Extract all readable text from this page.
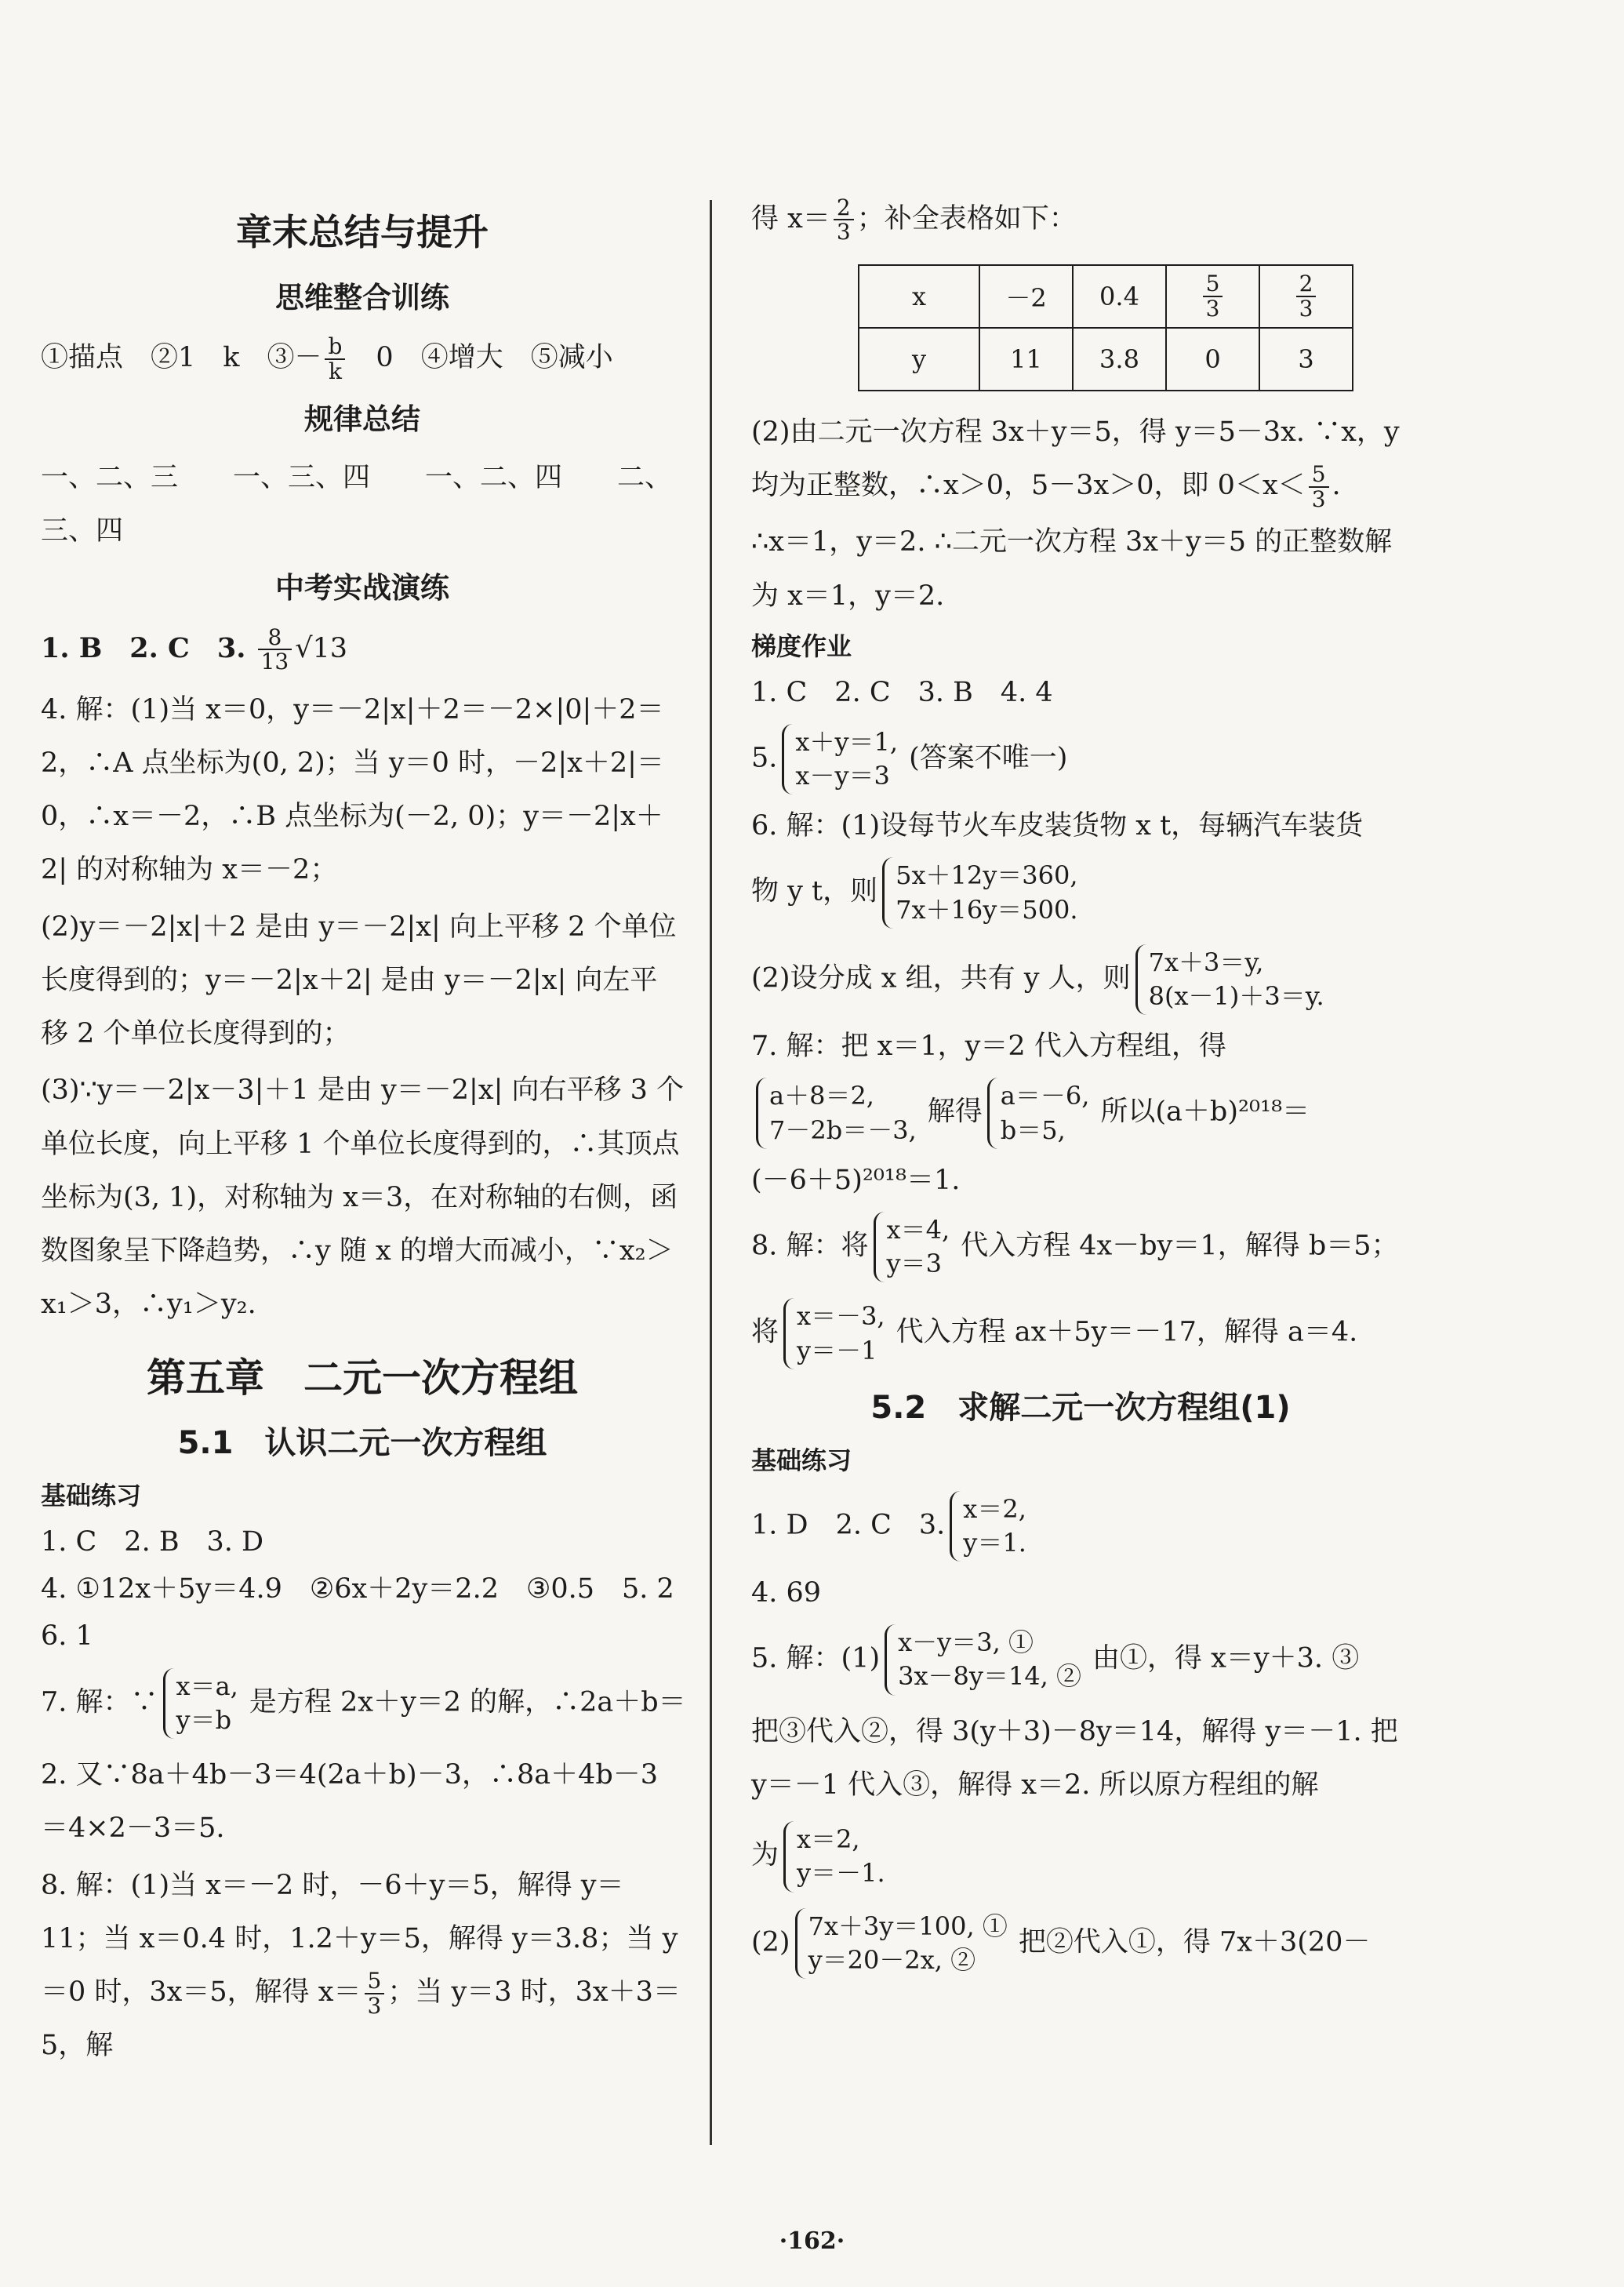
章末总结与提升

思维整合训练

①描点　②1　k　③－ $\frac{b}{k}$ 　0　④增大　⑤减小

规律总结

一、二、三　　一、三、四　　一、二、四　　二、三、四

中考实战演练

1. B　2. C　3. $\frac{8}{13} √13$

4. 解：(1)当 x＝0，y＝－2|x|＋2＝－2×|0|＋2＝2，∴A 点坐标为(0, 2)；当 y＝0 时，－2|x＋2|＝0，∴x＝－2，∴B 点坐标为(－2, 0)；y＝－2|x＋2| 的对称轴为 x＝－2；

(2)y＝－2|x|＋2 是由 y＝－2|x| 向上平移 2 个单位长度得到的；y＝－2|x＋2| 是由 y＝－2|x| 向左平移 2 个单位长度得到的；

(3)∵y＝－2|x－3|＋1 是由 y＝－2|x| 向右平移 3 个单位长度，向上平移 1 个单位长度得到的，∴其顶点坐标为(3, 1)，对称轴为 x＝3，在对称轴的右侧，函数图象呈下降趋势，∴y 随 x 的增大而减小，∵x₂＞x₁＞3，∴y₁＞y₂.

第五章　二元一次方程组

5.1　认识二元一次方程组

基础练习

1. C　2. B　3. D

4. ①12x＋5y＝4.9　②6x＋2y＝2.2　③0.5　5. 2

6. 1

7. 解：∵
x＝a,
y＝b
是方程 2x＋y＝2 的解，∴2a＋b＝

2. 又∵8a＋4b－3＝4(2a＋b)－3，∴8a＋4b－3＝4×2－3＝5.

8. 解：(1)当 x＝－2 时，－6＋y＝5，解得 y＝11；当 x＝0.4 时，1.2＋y＝5，解得 y＝3.8；当 y＝0 时，3x＝5，解得 $x= \frac{5}{3}$ ；当 y＝3 时，3x＋3＝5，解

得 $x= \frac{2}{3}$ ；补全表格如下：

x	－2	0.4	$\frac{5}{3}$	$\frac{2}{3}$

y	11	3.8	0	3

(2)由二元一次方程 3x＋y＝5，得 y＝5－3x. ∵x，y 均为正整数，∴x＞0，5－3x＞0，即 $0<x< \frac{5}{3}$ .

∴x＝1，y＝2. ∴二元一次方程 3x＋y＝5 的正整数解为 x＝1，y＝2.

梯度作业

1. C　2. C　3. B　4. 4

5.
x＋y＝1,
x－y＝3
(答案不唯一)

6. 解：(1)设每节火车皮装货物 x t，每辆汽车装货

物 y t，则
5x＋12y＝360,
7x＋16y＝500.

(2)设分成 x 组，共有 y 人，则
7x＋3＝y,
8(x－1)＋3＝y.

7. 解：把 x＝1，y＝2 代入方程组，得

a＋8＝2,
7－2b＝－3,
解得
a＝－6,
b＝5,
所以(a＋b)²⁰¹⁸＝

(－6＋5)²⁰¹⁸＝1.

8. 解：将
x＝4,
y＝3
代入方程 4x－by＝1，解得 b＝5；

将
x＝－3,
y＝－1
代入方程 ax＋5y＝－17，解得 a＝4.

5.2　求解二元一次方程组(1)

基础练习

1. D　2. C　3.
x＝2,
y＝1.

4. 69

5. 解：(1)
x－y＝3, ①
3x－8y＝14, ②
由①，得 x＝y＋3. ③

把③代入②，得 3(y＋3)－8y＝14，解得 y＝－1. 把 y＝－1 代入③，解得 x＝2. 所以原方程组的解

为
x＝2,
y＝－1.

(2)
7x＋3y＝100, ①
y＝20－2x, ②
把②代入①，得 7x＋3(20－

·162·
